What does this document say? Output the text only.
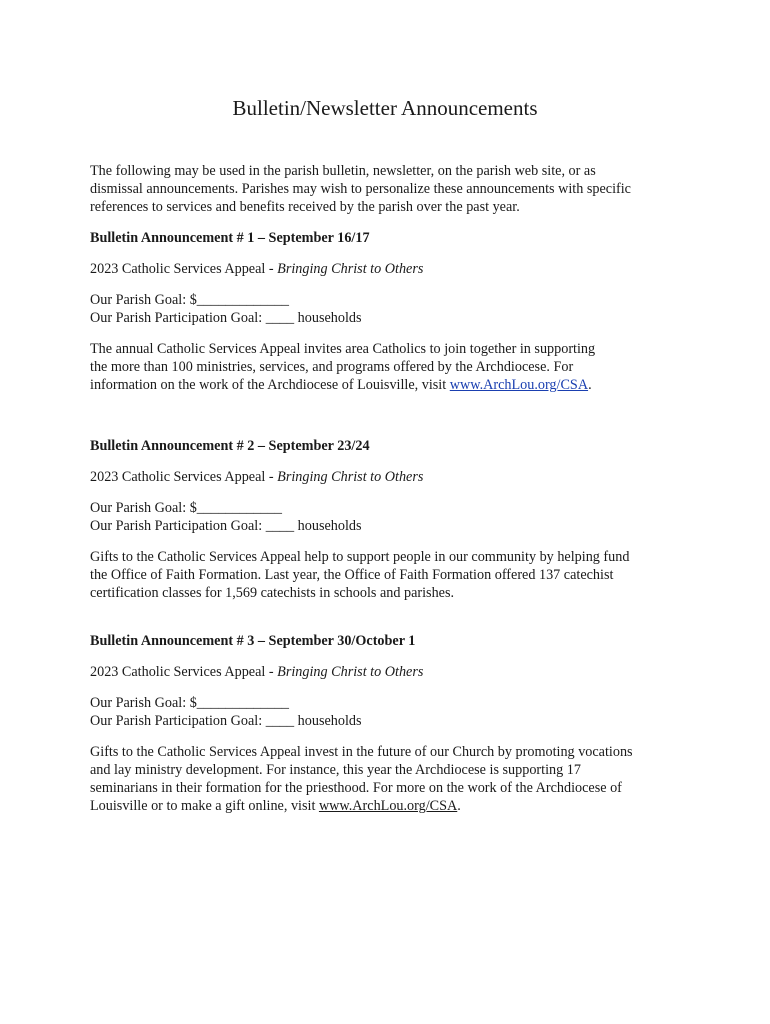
Bulletin/Newsletter Announcements

The following may be used in the parish bulletin, newsletter, on the parish web site, or as
dismissal announcements. Parishes may wish to personalize these announcements with specific
references to services and benefits received by the parish over the past year.

Bulletin Announcement # 1 – September 16/17

2023 Catholic Services Appeal - Bringing Christ to Others

Our Parish Goal: $_____________

Our Parish Participation Goal: ____ households

The annual Catholic Services Appeal invites area Catholics to join together in supporting
the more than 100 ministries, services, and programs offered by the Archdiocese. For
information on the work of the Archdiocese of Louisville, visit www.ArchLou.org/CSA.

Bulletin Announcement # 2 – September 23/24

2023 Catholic Services Appeal - Bringing Christ to Others

Our Parish Goal: $____________

Our Parish Participation Goal: ____ households

Gifts to the Catholic Services Appeal help to support people in our community by helping fund
the Office of Faith Formation. Last year, the Office of Faith Formation offered 137 catechist
certification classes for 1,569 catechists in schools and parishes.

Bulletin Announcement # 3 – September 30/October 1

2023 Catholic Services Appeal - Bringing Christ to Others

Our Parish Goal: $_____________

Our Parish Participation Goal: ____ households

Gifts to the Catholic Services Appeal invest in the future of our Church by promoting vocations
and lay ministry development. For instance, this year the Archdiocese is supporting 17
seminarians in their formation for the priesthood. For more on the work of the Archdiocese of
Louisville or to make a gift online, visit www.ArchLou.org/CSA.
